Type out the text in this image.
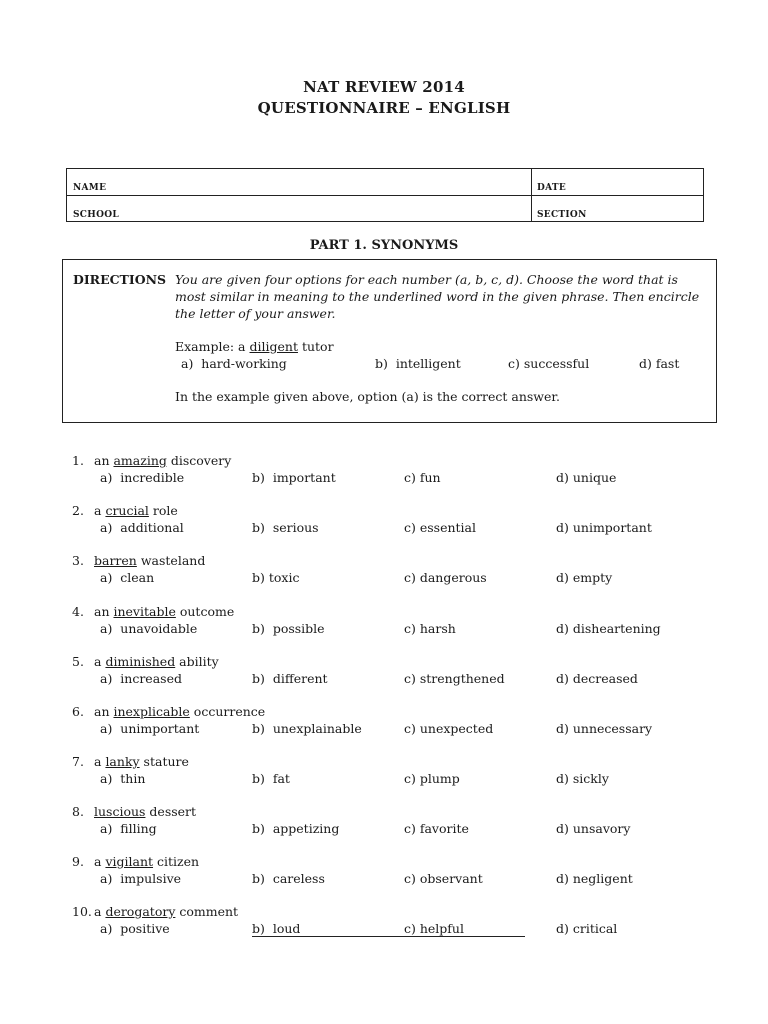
NAT REVIEW 2014
QUESTIONNAIRE – ENGLISH
NAME	DATE
SCHOOL	SECTION
PART 1. SYNONYMS
DIRECTIONS You are given four options for each number (a, b, c, d). Choose the word that is most similar in meaning to the underlined word in the given phrase. Then encircle the letter of your answer.
Example: a diligent tutor
a)  hard-working	b)  intelligent	c) successful	d) fast
In the example given above, option (a) is the correct answer.
1. an amazing discovery
a)  incredible	b)  important	c) fun	d) unique
2. a crucial role
a)  additional	b)  serious	c) essential	d) unimportant
3. barren wasteland
a)  clean	b) toxic	c) dangerous	d) empty
4. an inevitable outcome
a)  unavoidable	b)  possible	c) harsh	d) disheartening
5. a diminished ability
a)  increased	b)  different	c) strengthened	d) decreased
6. an inexplicable occurrence
a)  unimportant	b)  unexplainable	c) unexpected	d) unnecessary
7. a lanky stature
a)  thin	b)  fat	c) plump	d) sickly
8. luscious dessert
a)  filling	b)  appetizing	c) favorite	d) unsavory
9. a vigilant citizen
a)  impulsive	b)  careless	c) observant	d) negligent
10. a derogatory comment
a)  positive	b)  loud	c) helpful	d) critical
